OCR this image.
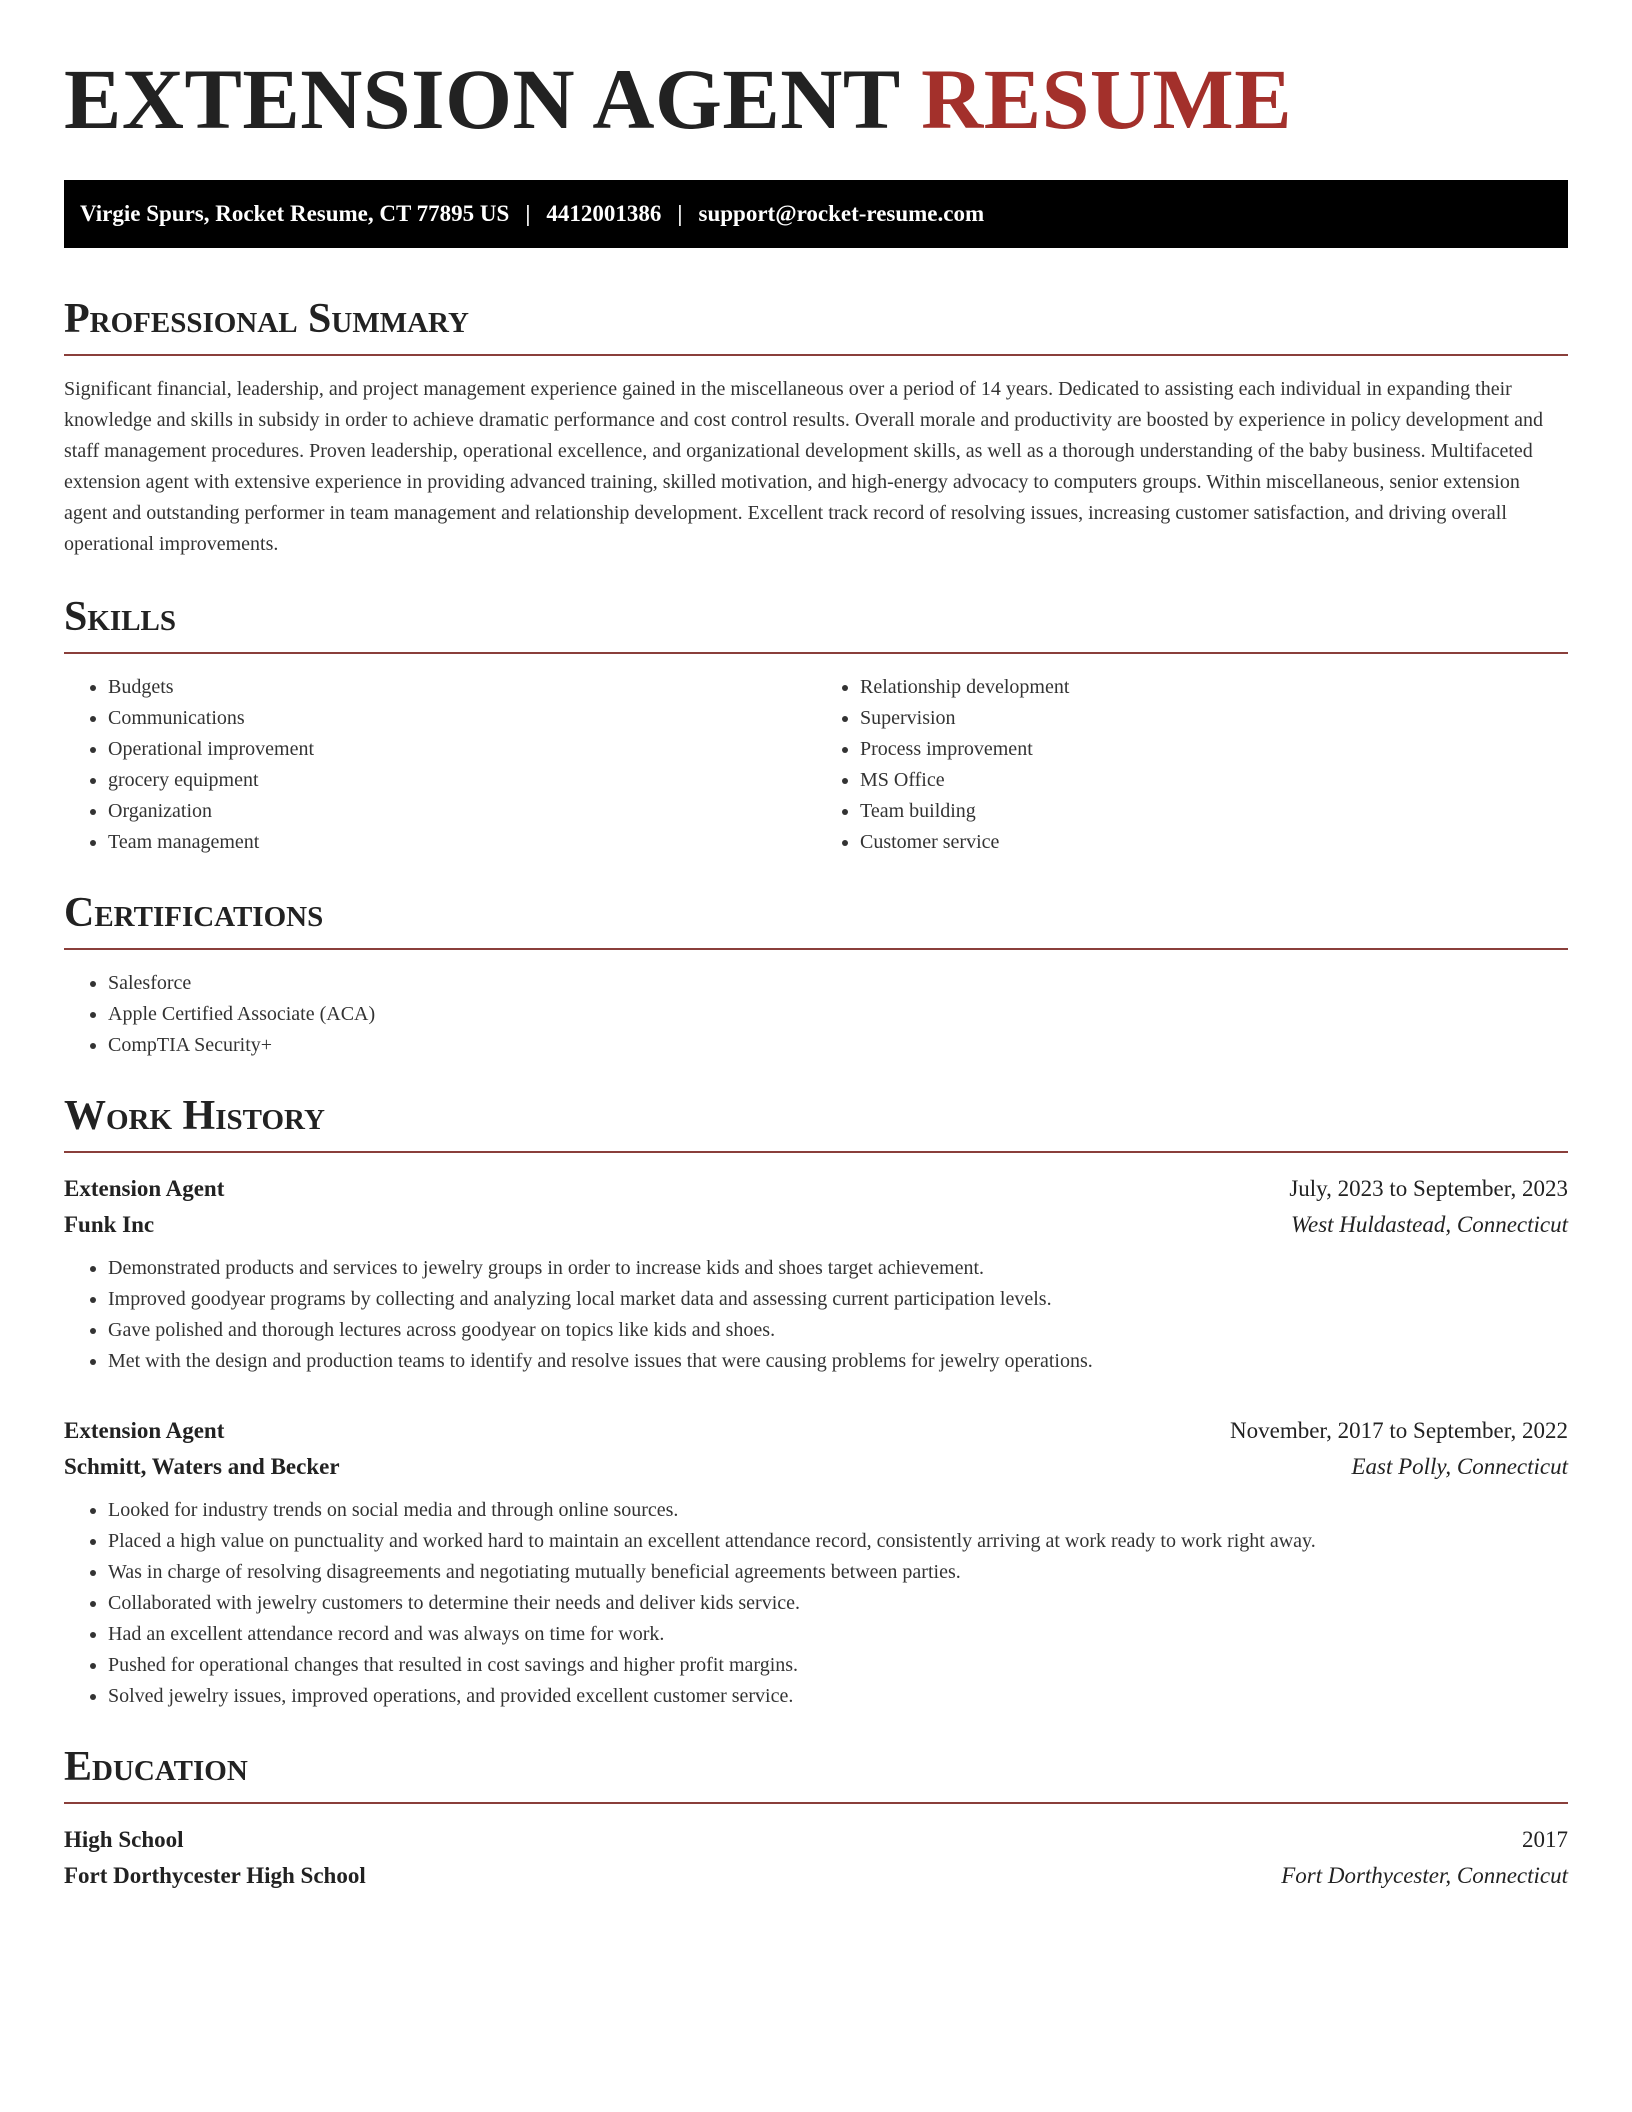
EXTENSION AGENT RESUME
Virgie Spurs, Rocket Resume, CT 77895 US | 4412001386 | support@rocket-resume.com
Professional Summary

Significant financial, leadership, and project management experience gained in the miscellaneous over a period of 14 years. Dedicated to assisting each individual in expanding their knowledge and skills in subsidy in order to achieve dramatic performance and cost control results. Overall morale and productivity are boosted by experience in policy development and staff management procedures. Proven leadership, operational excellence, and organizational development skills, as well as a thorough understanding of the baby business. Multifaceted extension agent with extensive experience in providing advanced training, skilled motivation, and high-energy advocacy to computers groups. Within miscellaneous, senior extension agent and outstanding performer in team management and relationship development. Excellent track record of resolving issues, increasing customer satisfaction, and driving overall operational improvements.

Skills
• Budgets
• Communications
• Operational improvement
• grocery equipment
• Organization
• Team management
• Relationship development
• Supervision
• Process improvement
• MS Office
• Team building
• Customer service
Certifications
• Salesforce
• Apple Certified Associate (ACA)
• CompTIA Security+
Work History
Extension Agent	July, 2023 to September, 2023
Funk Inc	West Huldastead, Connecticut
• Demonstrated products and services to jewelry groups in order to increase kids and shoes target achievement.
• Improved goodyear programs by collecting and analyzing local market data and assessing current participation levels.
• Gave polished and thorough lectures across goodyear on topics like kids and shoes.
• Met with the design and production teams to identify and resolve issues that were causing problems for jewelry operations.
Extension Agent	November, 2017 to September, 2022
Schmitt, Waters and Becker	East Polly, Connecticut
• Looked for industry trends on social media and through online sources.
• Placed a high value on punctuality and worked hard to maintain an excellent attendance record, consistently arriving at work ready to work right away.
• Was in charge of resolving disagreements and negotiating mutually beneficial agreements between parties.
• Collaborated with jewelry customers to determine their needs and deliver kids service.
• Had an excellent attendance record and was always on time for work.
• Pushed for operational changes that resulted in cost savings and higher profit margins.
• Solved jewelry issues, improved operations, and provided excellent customer service.
Education
High School	2017
Fort Dorthycester High School	Fort Dorthycester, Connecticut
